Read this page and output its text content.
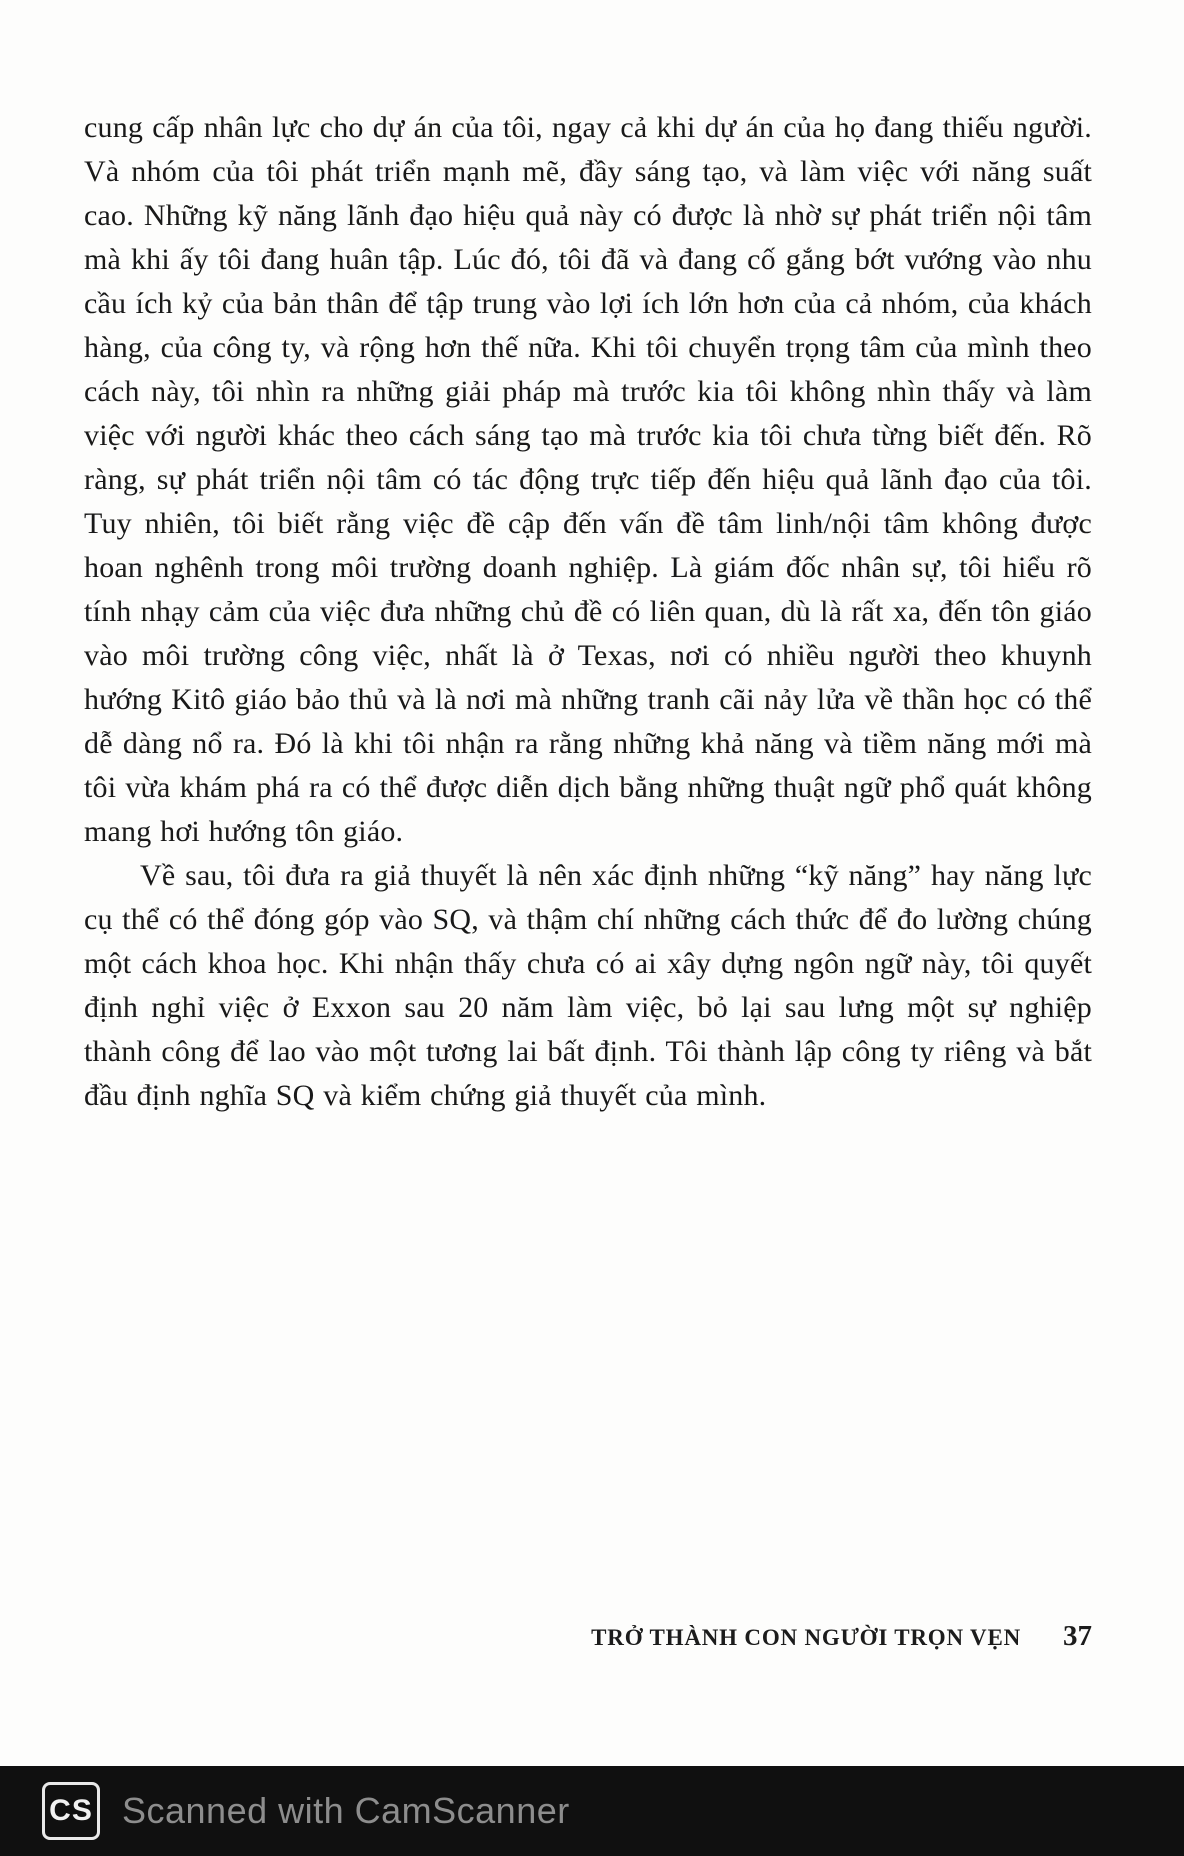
cung cấp nhân lực cho dự án của tôi, ngay cả khi dự án của họ đang thiếu người. Và nhóm của tôi phát triển mạnh mẽ, đầy sáng tạo, và làm việc với năng suất cao. Những kỹ năng lãnh đạo hiệu quả này có được là nhờ sự phát triển nội tâm mà khi ấy tôi đang huân tập. Lúc đó, tôi đã và đang cố gắng bớt vướng vào nhu cầu ích kỷ của bản thân để tập trung vào lợi ích lớn hơn của cả nhóm, của khách hàng, của công ty, và rộng hơn thế nữa. Khi tôi chuyển trọng tâm của mình theo cách này, tôi nhìn ra những giải pháp mà trước kia tôi không nhìn thấy và làm việc với người khác theo cách sáng tạo mà trước kia tôi chưa từng biết đến. Rõ ràng, sự phát triển nội tâm có tác động trực tiếp đến hiệu quả lãnh đạo của tôi. Tuy nhiên, tôi biết rằng việc đề cập đến vấn đề tâm linh/nội tâm không được hoan nghênh trong môi trường doanh nghiệp. Là giám đốc nhân sự, tôi hiểu rõ tính nhạy cảm của việc đưa những chủ đề có liên quan, dù là rất xa, đến tôn giáo vào môi trường công việc, nhất là ở Texas, nơi có nhiều người theo khuynh hướng Kitô giáo bảo thủ và là nơi mà những tranh cãi nảy lửa về thần học có thể dễ dàng nổ ra. Đó là khi tôi nhận ra rằng những khả năng và tiềm năng mới mà tôi vừa khám phá ra có thể được diễn dịch bằng những thuật ngữ phổ quát không mang hơi hướng tôn giáo.

Về sau, tôi đưa ra giả thuyết là nên xác định những “kỹ năng” hay năng lực cụ thể có thể đóng góp vào SQ, và thậm chí những cách thức để đo lường chúng một cách khoa học. Khi nhận thấy chưa có ai xây dựng ngôn ngữ này, tôi quyết định nghỉ việc ở Exxon sau 20 năm làm việc, bỏ lại sau lưng một sự nghiệp thành công để lao vào một tương lai bất định. Tôi thành lập công ty riêng và bắt đầu định nghĩa SQ và kiểm chứng giả thuyết của mình.

TRỞ THÀNH CON NGƯỜI TRỌN VẸN 37
CS Scanned with CamScanner
